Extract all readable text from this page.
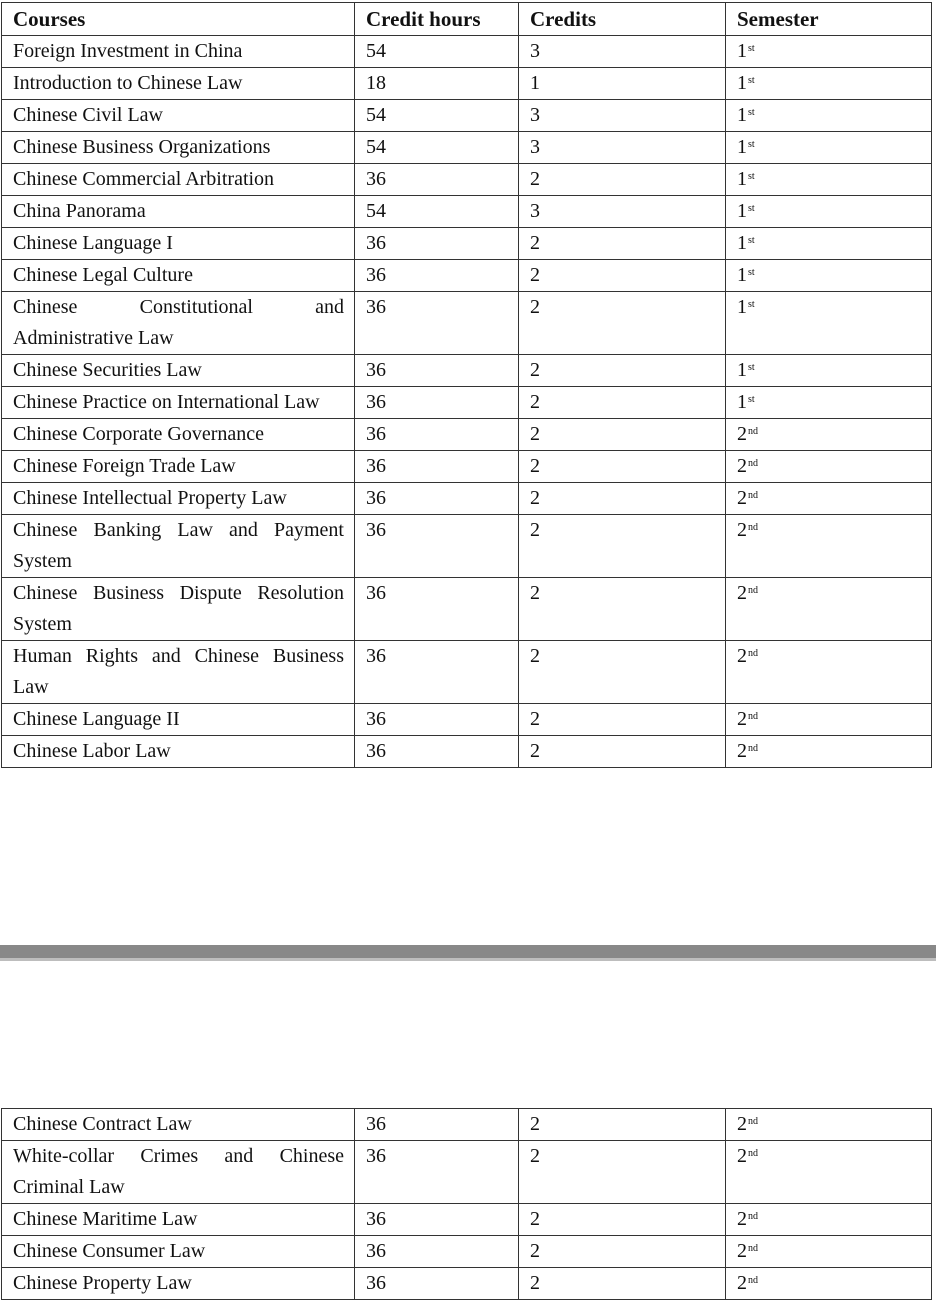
Courses	Credit hours	Credits	Semester
Foreign Investment in China	54	3	1st
Introduction to Chinese Law	18	1	1st
Chinese Civil Law	54	3	1st
Chinese Business Organizations	54	3	1st
Chinese Commercial Arbitration	36	2	1st
China Panorama	54	3	1st
Chinese Language I	36	2	1st
Chinese Legal Culture	36	2	1st
Chinese Constitutional and Administrative Law	36	2	1st
Chinese Securities Law	36	2	1st
Chinese Practice on International Law	36	2	1st
Chinese Corporate Governance	36	2	2nd
Chinese Foreign Trade Law	36	2	2nd
Chinese Intellectual Property Law	36	2	2nd
Chinese Banking Law and Payment System	36	2	2nd
Chinese Business Dispute Resolution System	36	2	2nd
Human Rights and Chinese Business Law	36	2	2nd
Chinese Language II	36	2	2nd
Chinese Labor Law	36	2	2nd
Chinese Contract Law	36	2	2nd
White-collar Crimes and Chinese Criminal Law	36	2	2nd
Chinese Maritime Law	36	2	2nd
Chinese Consumer Law	36	2	2nd
Chinese Property Law	36	2	2nd
